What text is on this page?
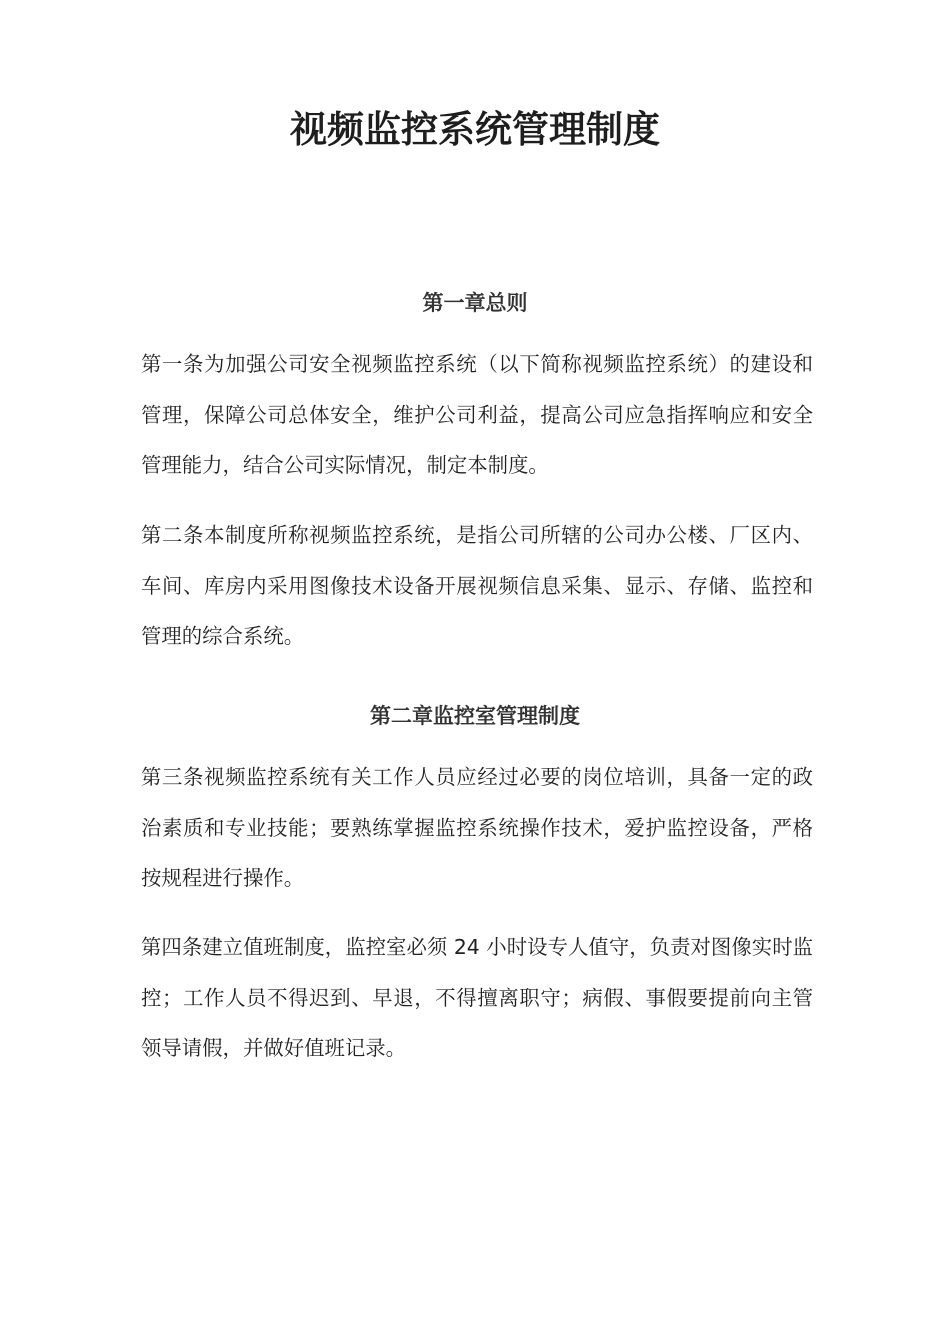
视频监控系统管理制度
第一章总则

第一条为加强公司安全视频监控系统（以下简称视频监控系统）的建设和管理，保障公司总体安全，维护公司利益，提高公司应急指挥响应和安全管理能力，结合公司实际情况，制定本制度。

第二条本制度所称视频监控系统，是指公司所辖的公司办公楼、厂区内、车间、库房内采用图像技术设备开展视频信息采集、显示、存储、监控和管理的综合系统。

第二章监控室管理制度

第三条视频监控系统有关工作人员应经过必要的岗位培训，具备一定的政治素质和专业技能；要熟练掌握监控系统操作技术，爱护监控设备，严格按规程进行操作。

第四条建立值班制度，监控室必须 24 小时设专人值守，负责对图像实时监控；工作人员不得迟到、早退，不得擅离职守；病假、事假要提前向主管领导请假，并做好值班记录。
